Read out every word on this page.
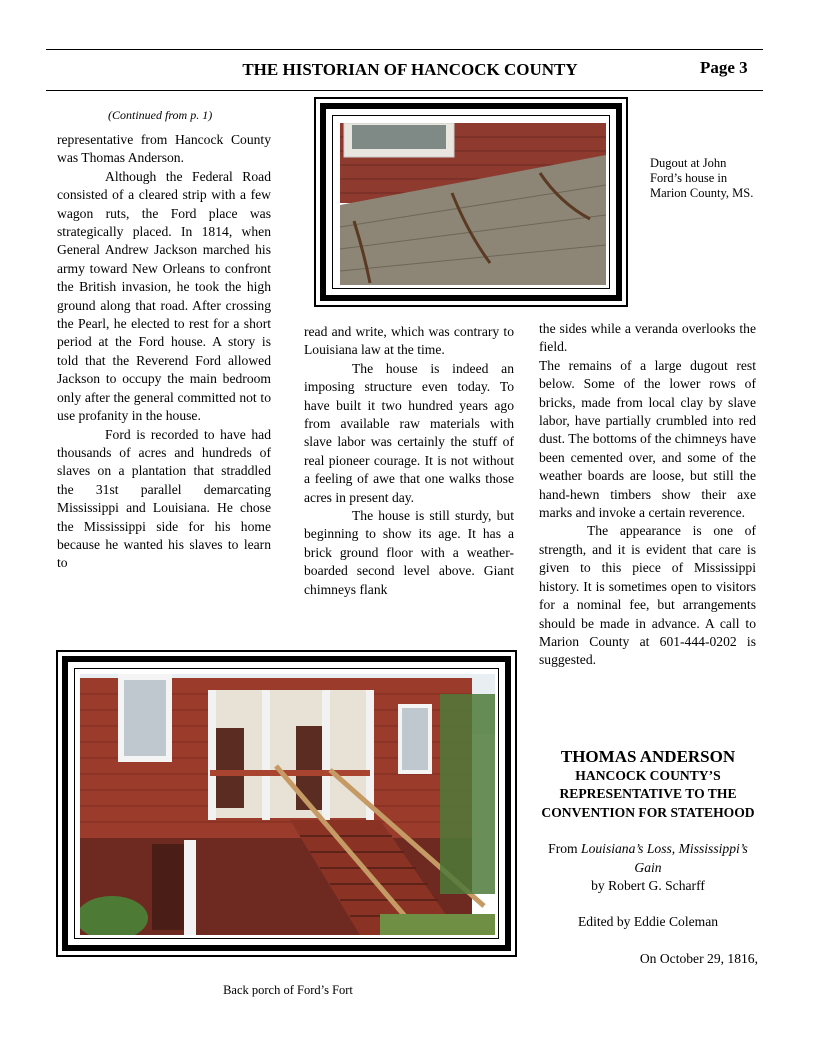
THE HISTORIAN OF HANCOCK COUNTY	Page 3
(Continued from p. 1)

representative from Hancock County was Thomas Anderson.

Although the Federal Road consisted of a cleared strip with a few wagon ruts, the Ford place was strategically placed. In 1814, when General Andrew Jackson marched his army toward New Orleans to confront the British invasion, he took the high ground along that road. After crossing the Pearl, he elected to rest for a short period at the Ford house. A story is told that the Reverend Ford allowed Jackson to occupy the main bedroom only after the general committed not to use profanity in the house.

Ford is recorded to have had thousands of acres and hundreds of slaves on a plantation that straddled the 31st parallel demarcating Mississippi and Louisiana. He chose the Mississippi side for his home because he wanted his slaves to learn to

Dugout at John Ford’s house in Marion County, MS.

read and write, which was contrary to Louisiana law at the time.

The house is indeed an imposing structure even today. To have built it two hundred years ago from available raw materials with slave labor was certainly the stuff of real pioneer courage. It is not without a feeling of awe that one walks those acres in present day.

The house is still sturdy, but beginning to show its age. It has a brick ground floor with a weather-boarded second level above. Giant chimneys flank

the sides while a veranda overlooks the field.

The remains of a large dugout rest below. Some of the lower rows of bricks, made from local clay by slave labor, have partially crumbled into red dust. The bottoms of the chimneys have been cemented over, and some of the weather boards are loose, but still the hand-hewn timbers show their axe marks and invoke a certain reverence.

The appearance is one of strength, and it is evident that care is given to this piece of Mississippi history. It is sometimes open to visitors for a nominal fee, but arrangements should be made in advance. A call to Marion County at 601-444-0202 is suggested.

Back porch of Ford’s Fort
THOMAS ANDERSON
HANCOCK COUNTY’S REPRESENTATIVE TO THE CONVENTION FOR STATEHOOD
From Louisiana’s Loss, Mississippi’s Gain
by Robert G. Scharff
Edited by Eddie Coleman
On October 29, 1816,
